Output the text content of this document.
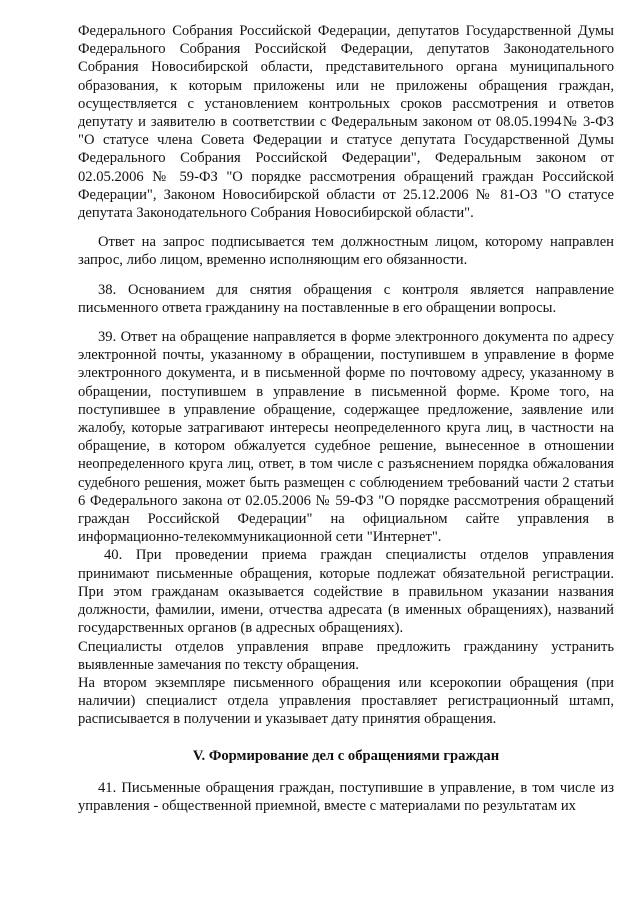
Федерального Собрания Российской Федерации, депутатов Государственной Думы Федерального Собрания Российской Федерации, депутатов Законодательного Собрания Новосибирской области, представительного органа муниципального образования, к которым приложены или не приложены обращения граждан, осуществляется с установлением контрольных сроков рассмотрения и ответов депутату и заявителю в соответствии с Федеральным законом от 08.05.1994№ 3-ФЗ "О статусе члена Совета Федерации и статусе депутата Государственной Думы Федерального Собрания Российской Федерации", Федеральным законом от 02.05.2006 № 59-ФЗ "О порядке рассмотрения обращений граждан Российской Федерации", Законом Новосибирской области от 25.12.2006 № 81-ОЗ "О статусе депутата Законодательного Собрания Новосибирской области".

Ответ на запрос подписывается тем должностным лицом, которому направлен запрос, либо лицом, временно исполняющим его обязанности.

38. Основанием для снятия обращения с контроля является направление письменного ответа гражданину на поставленные в его обращении вопросы.

39. Ответ на обращение направляется в форме электронного документа по адресу электронной почты, указанному в обращении, поступившем в управление в форме электронного документа, и в письменной форме по почтовому адресу, указанному в обращении, поступившем в управление в письменной форме. Кроме того, на поступившее в управление обращение, содержащее предложение, заявление или жалобу, которые затрагивают интересы неопределенного круга лиц, в частности на обращение, в котором обжалуется судебное решение, вынесенное в отношении неопределенного круга лиц, ответ, в том числе с разъяснением порядка обжалования судебного решения, может быть размещен с соблюдением требований части 2 статьи 6 Федерального закона от 02.05.2006 № 59-ФЗ "О порядке рассмотрения обращений граждан Российской Федерации" на официальном сайте управления в информационно-телекоммуникационной сети "Интернет".

40. При проведении приема граждан специалисты отделов управления принимают письменные обращения, которые подлежат обязательной регистрации. При этом гражданам оказывается содействие в правильном указании названия должности, фамилии, имени, отчества адресата (в именных обращениях), названий государственных органов (в адресных обращениях).

Специалисты отделов управления вправе предложить гражданину устранить выявленные замечания по тексту обращения.

На втором экземпляре письменного обращения или ксерокопии обращения (при наличии) специалист отдела управления проставляет регистрационный штамп, расписывается в получении и указывает дату принятия обращения.

V. Формирование дел с обращениями граждан

41. Письменные обращения граждан, поступившие в управление, в том числе из управления - общественной приемной, вместе с материалами по результатам их
